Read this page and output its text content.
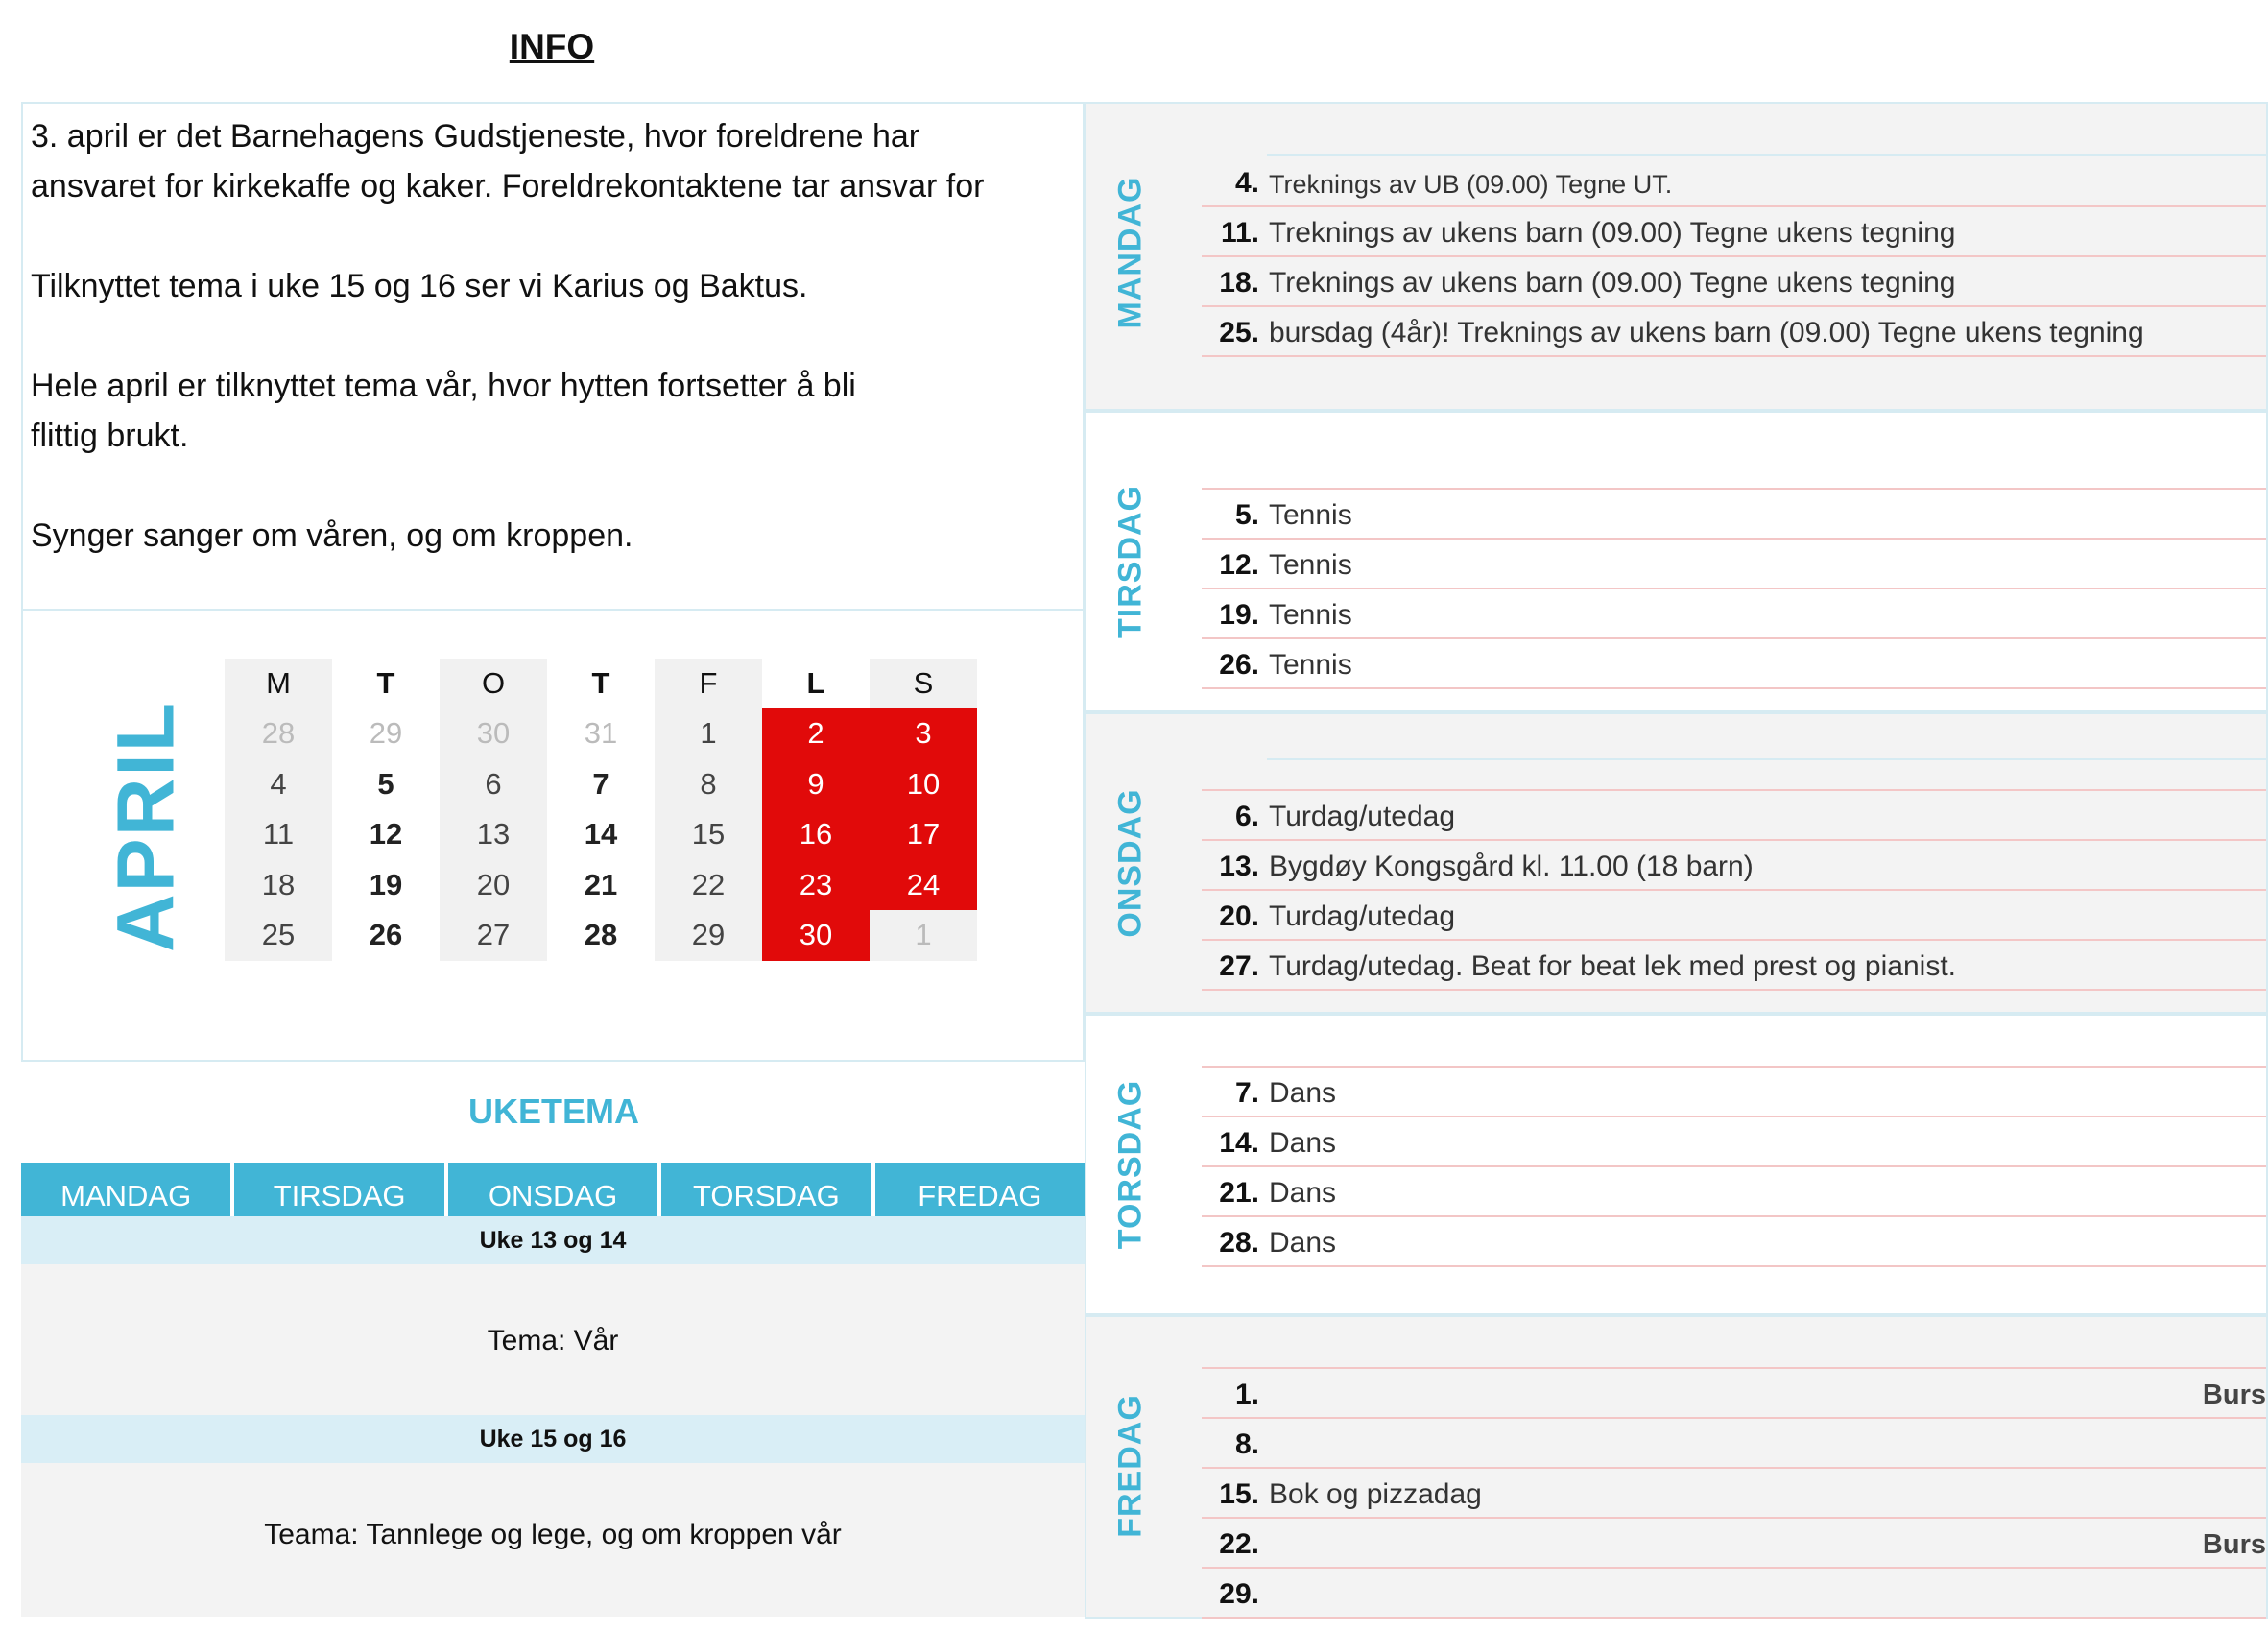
INFO
3. april er det Barnehagens Gudstjeneste, hvor foreldrene har
ansvaret for kirkekaffe og kaker. Foreldrekontaktene tar ansvar for
Tilknyttet tema i uke 15 og 16 ser vi Karius og Baktus.
Hele april er tilknyttet tema vår, hvor hytten fortsetter å bli
flittig brukt.
Synger sanger om våren, og om kroppen.
APRIL
M	T	O	T	F	L	S
28	29	30	31	1	2	3
4	5	6	7	8	9	10
11	12	13	14	15	16	17
18	19	20	21	22	23	24
25	26	27	28	29	30	1
UKETEMA
MANDAG	TIRSDAG	ONSDAG	TORSDAG	FREDAG
Uke 13 og 14
Tema: Vår
Uke 15 og 16
Teama: Tannlege og lege, og om kroppen vår
MANDAG	4. Treknings av UB (09.00) Tegne UT.
11. Treknings av ukens barn (09.00) Tegne ukens tegning
18. Treknings av ukens barn (09.00) Tegne ukens tegning
25. bursdag (4år)! Treknings av ukens barn (09.00) Tegne ukens tegning
TIRSDAG	5. Tennis
12. Tennis
19. Tennis
26. Tennis
ONSDAG	6. Turdag/utedag
13. Bygdøy Kongsgård kl. 11.00 (18 barn)
20. Turdag/utedag
27. Turdag/utedag. Beat for beat lek med prest og pianist.
TORSDAG	7. Dans
14. Dans
21. Dans
28. Dans
FREDAG	1.	Burs
8.
15. Bok og pizzadag
22.	Burs
29.
